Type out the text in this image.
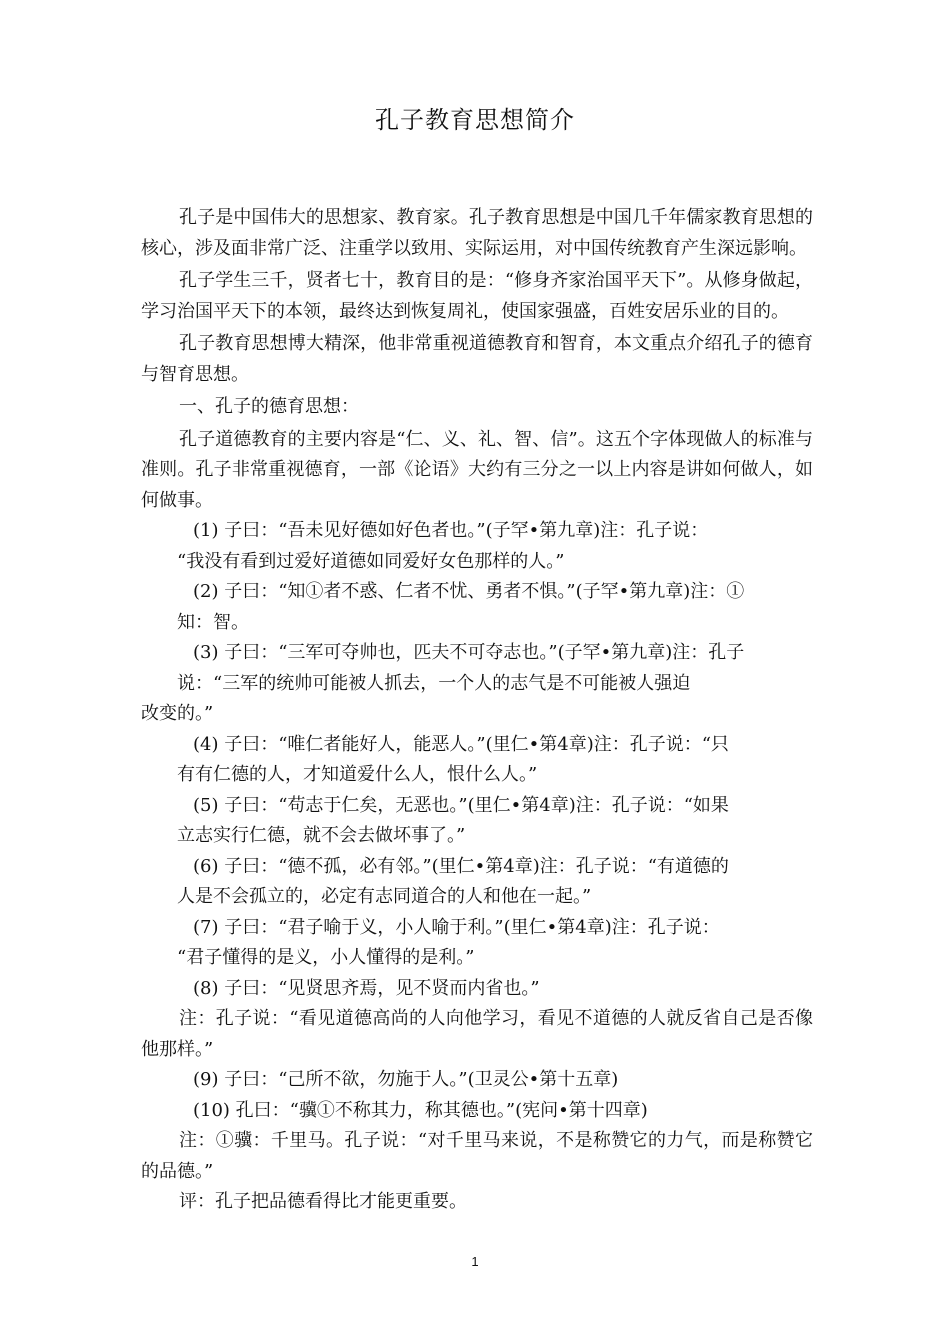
孔子教育思想简介

孔子是中国伟大的思想家、教育家。孔子教育思想是中国几千年儒家教育思想的核心，涉及面非常广泛、注重学以致用、实际运用，对中国传统教育产生深远影响。

孔子学生三千，贤者七十，教育目的是：“修身齐家治国平天下”。从修身做起，学习治国平天下的本领，最终达到恢复周礼，使国家强盛，百姓安居乐业的目的。

孔子教育思想博大精深，他非常重视道德教育和智育，本文重点介绍孔子的德育与智育思想。

一、孔子的德育思想：

孔子道德教育的主要内容是“仁、义、礼、智、信”。这五个字体现做人的标准与准则。孔子非常重视德育，一部《论语》大约有三分之一以上内容是讲如何做人，如何做事。

(1) 子曰：“吾未见好德如好色者也。”(子罕•第九章)注：孔子说：
“我没有看到过爱好道德如同爱好女色那样的人。”
(2) 子曰：“知①者不惑、仁者不忧、勇者不惧。”(子罕•第九章)注：①
知：智。
(3) 子曰：“三军可夺帅也，匹夫不可夺志也。”(子罕•第九章)注：孔子
说：“三军的统帅可能被人抓去，一个人的志气是不可能被人强迫
改变的。”
(4) 子曰：“唯仁者能好人，能恶人。”(里仁•第4章)注：孔子说：“只
有有仁德的人，才知道爱什么人，恨什么人。”
(5) 子曰：“苟志于仁矣，无恶也。”(里仁•第4章)注：孔子说：“如果
立志实行仁德，就不会去做坏事了。”
(6) 子曰：“德不孤，必有邻。”(里仁•第4章)注：孔子说：“有道德的
人是不会孤立的，必定有志同道合的人和他在一起。”
(7) 子曰：“君子喻于义，小人喻于利。”(里仁•第4章)注：孔子说：
“君子懂得的是义，小人懂得的是利。”
(8) 子曰：“见贤思齐焉，见不贤而内省也。”

注：孔子说：“看见道德高尚的人向他学习，看见不道德的人就反省自己是否像他那样。”

(9) 子曰：“己所不欲，勿施于人。”(卫灵公•第十五章)
(10) 孔曰：“骥①不称其力，称其德也。”(宪问•第十四章)

注：①骥：千里马。孔子说：“对千里马来说，不是称赞它的力气，而是称赞它的品德。”

评：孔子把品德看得比才能更重要。

1
